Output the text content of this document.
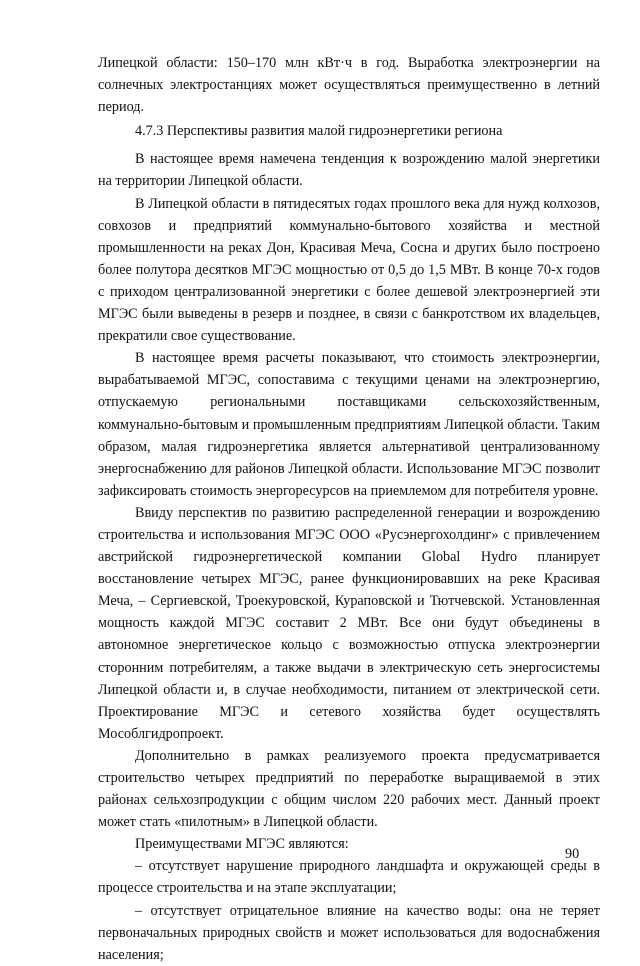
Липецкой области: 150–170 млн кВт·ч в год. Выработка электроэнергии на солнечных электростанциях может осуществляться преимущественно в летний период.

4.7.3 Перспективы развития малой гидроэнергетики региона

В настоящее время намечена тенденция к возрождению малой энергетики на территории Липецкой области.

В Липецкой области в пятидесятых годах прошлого века для нужд колхозов, совхозов и предприятий коммунально-бытового хозяйства и местной промышленности на реках Дон, Красивая Меча, Сосна и других было построено более полутора десятков МГЭС мощностью от 0,5 до 1,5 МВт. В конце 70-х годов с приходом централизованной энергетики с более дешевой электроэнергией эти МГЭС были выведены в резерв и позднее, в связи с банкротством их владельцев, прекратили свое существование.

В настоящее время расчеты показывают, что стоимость электроэнергии, вырабатываемой МГЭС, сопоставима с текущими ценами на электроэнергию, отпускаемую региональными поставщиками сельскохозяйственным, коммунально-бытовым и промышленным предприятиям Липецкой области. Таким образом, малая гидроэнергетика является альтернативой централизованному энергоснабжению для районов Липецкой области. Использование МГЭС позволит зафиксировать стоимость энергоресурсов на приемлемом для потребителя уровне.

Ввиду перспектив по развитию распределенной генерации и возрождению строительства и использования МГЭС ООО «Русэнергохолдинг» с привлечением австрийской гидроэнергетической компании Global Hydro планирует восстановление четырех МГЭС, ранее функционировавших на реке Красивая Меча, – Сергиевской, Троекуровской, Кураповской и Тютчевской. Установленная мощность каждой МГЭС составит 2 МВт. Все они будут объединены в автономное энергетическое кольцо с возможностью отпуска электроэнергии сторонним потребителям, а также выдачи в электрическую сеть энергосистемы Липецкой области и, в случае необходимости, питанием от электрической сети. Проектирование МГЭС и сетевого хозяйства будет осуществлять Мособлгидропроект.

Дополнительно в рамках реализуемого проекта предусматривается строительство четырех предприятий по переработке выращиваемой в этих районах сельхозпродукции с общим числом 220 рабочих мест. Данный проект может стать «пилотным» в Липецкой области.

Преимуществами МГЭС являются:

– отсутствует нарушение природного ландшафта и окружающей среды в процессе строительства и на этапе эксплуатации;

– отсутствует отрицательное влияние на качество воды: она не теряет первоначальных природных свойств и может использоваться для водоснабжения населения;

90
